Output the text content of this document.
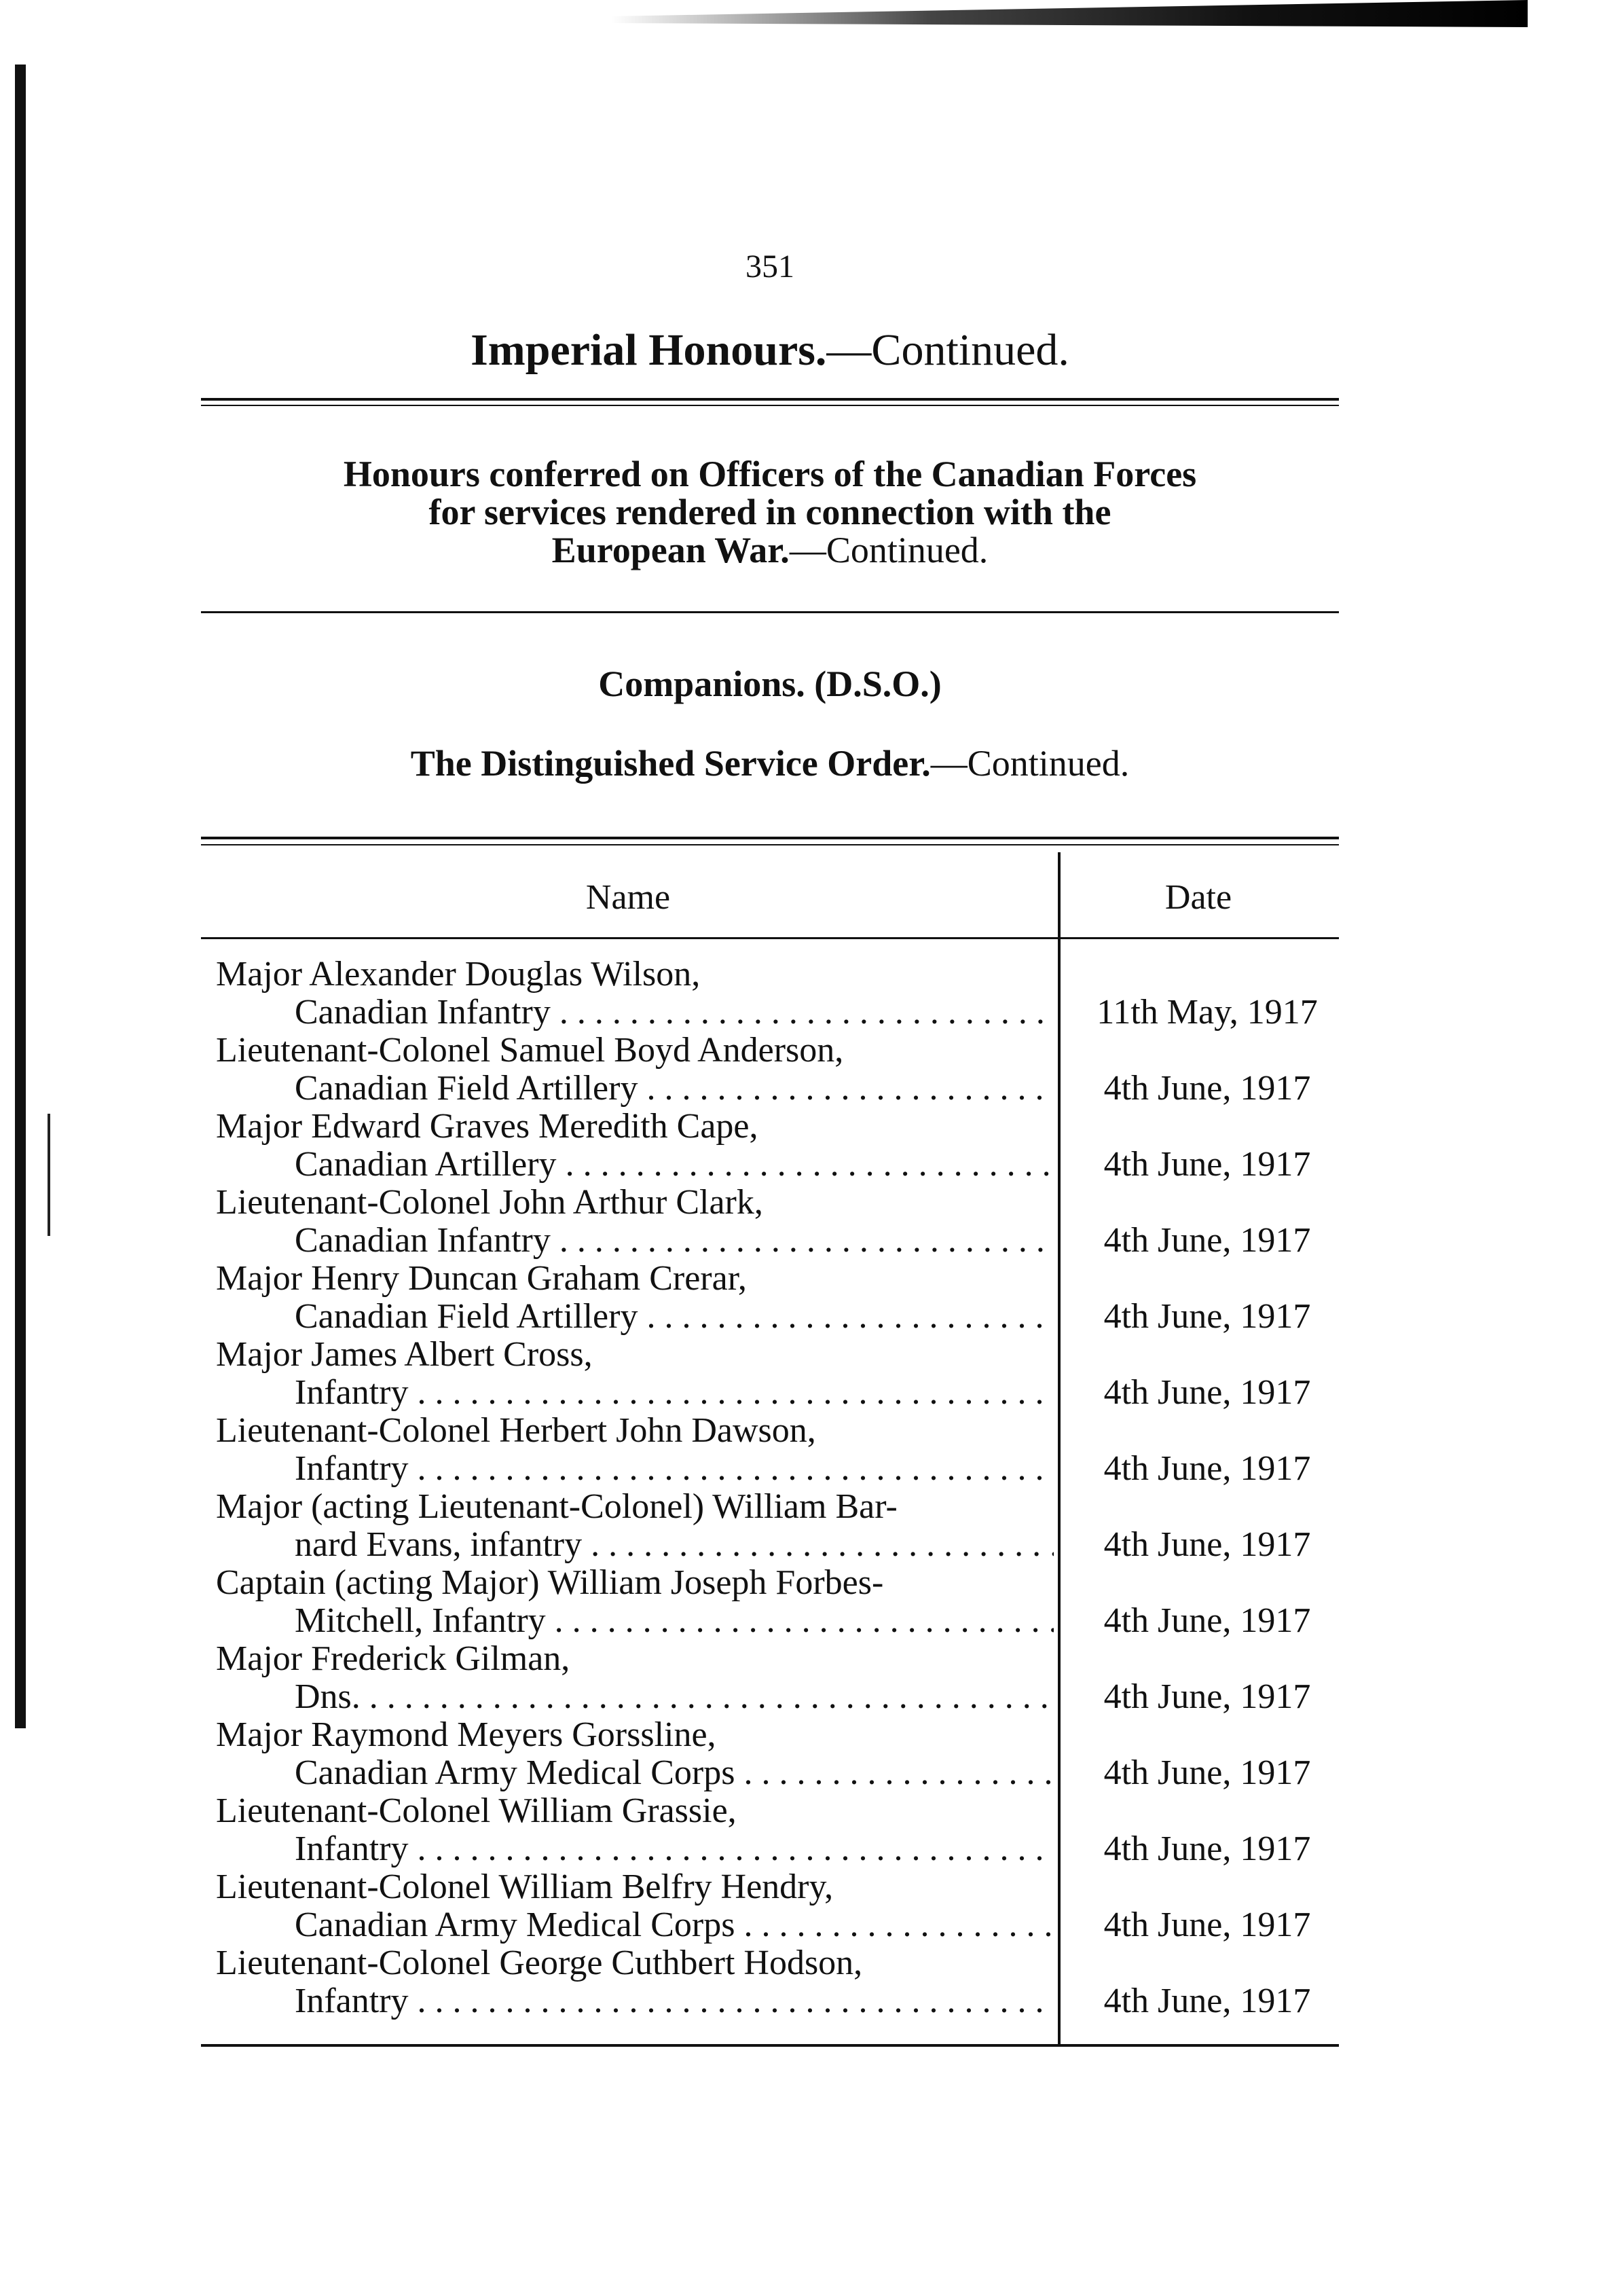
351
Imperial Honours.—Continued.
Honours conferred on Officers of the Canadian Forces
for services rendered in connection with the
European War.—Continued.
Companions. (D.S.O.)
The Distinguished Service Order.—Continued.
Name	Date
Major Alexander Douglas Wilson,
Canadian Infantry . . .	11th May, 1917
Lieutenant-Colonel Samuel Boyd Anderson,
Canadian Field Artillery . . .	4th June, 1917
Major Edward Graves Meredith Cape,
Canadian Artillery . . .	4th June, 1917
Lieutenant-Colonel John Arthur Clark,
Canadian Infantry . . .	4th June, 1917
Major Henry Duncan Graham Crerar,
Canadian Field Artillery . . .	4th June, 1917
Major James Albert Cross,
Infantry . . .	4th June, 1917
Lieutenant-Colonel Herbert John Dawson,
Infantry . . .	4th June, 1917
Major (acting Lieutenant-Colonel) William Bar-
nard Evans, infantry . . .	4th June, 1917
Captain (acting Major) William Joseph Forbes-
Mitchell, Infantry . . .	4th June, 1917
Major Frederick Gilman,
Dns. . . .	4th June, 1917
Major Raymond Meyers Gorssline,
Canadian Army Medical Corps . . .	4th June, 1917
Lieutenant-Colonel William Grassie,
Infantry . . .	4th June, 1917
Lieutenant-Colonel William Belfry Hendry,
Canadian Army Medical Corps . . .	4th June, 1917
Lieutenant-Colonel George Cuthbert Hodson,
Infantry . . .	4th June, 1917
